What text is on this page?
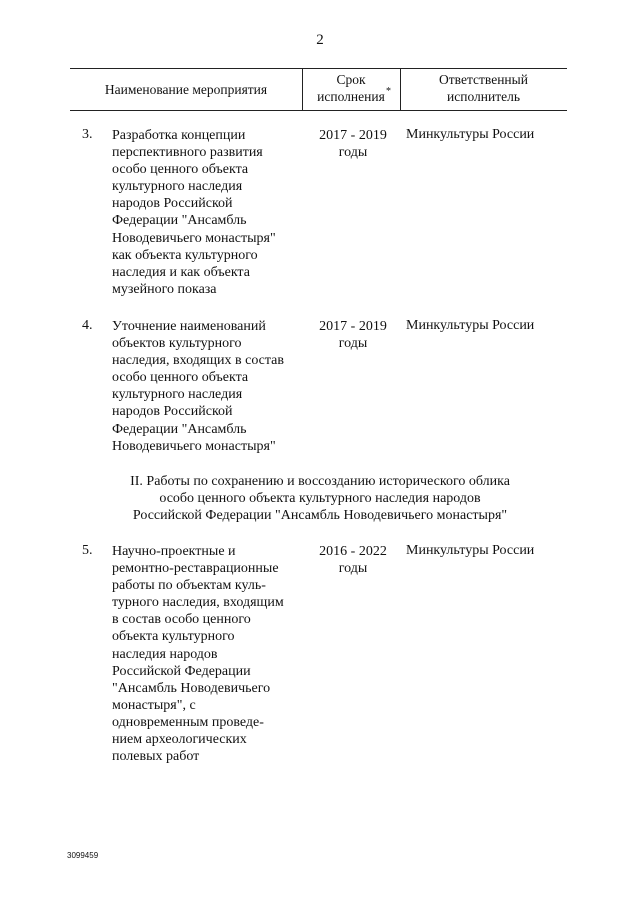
2
Наименование мероприятия
Срок
исполнения *
Ответственный
исполнитель
3. Разработка концепции
перспективного развития
особо ценного объекта
культурного наследия
народов Российской
Федерации "Ансамбль
Новодевичьего монастыря"
как объекта культурного
наследия и как объекта
музейного показа
2017 - 2019
годы
Минкультуры России
4. Уточнение наименований
объектов культурного
наследия, входящих в состав
особо ценного объекта
культурного наследия
народов Российской
Федерации "Ансамбль
Новодевичьего монастыря"
2017 - 2019
годы
Минкультуры России
II. Работы по сохранению и воссозданию исторического облика
особо ценного объекта культурного наследия народов
Российской Федерации "Ансамбль Новодевичьего монастыря"
5. Научно-проектные и
ремонтно-реставрационные
работы по объектам куль-
турного наследия, входящим
в состав особо ценного
объекта культурного
наследия народов
Российской Федерации
"Ансамбль Новодевичьего
монастыря", с
одновременным проведе-
нием археологических
полевых работ
2016 - 2022
годы
Минкультуры России
3099459
